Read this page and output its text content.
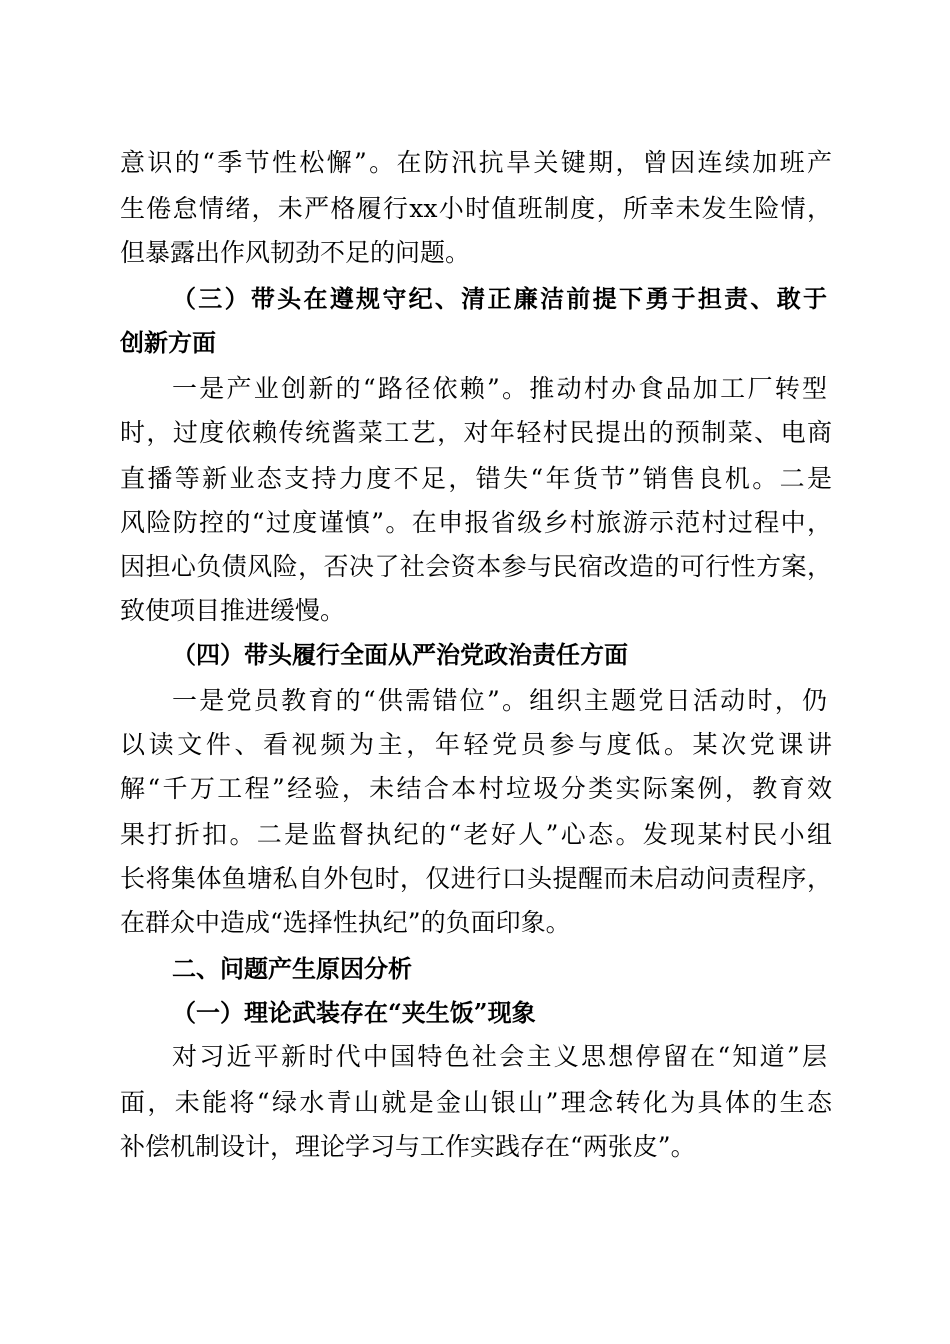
意识的“季节性松懈”。在防汛抗旱关键期，曾因连续加班产
生倦怠情绪，未严格履行xx小时值班制度，所幸未发生险情，
但暴露出作风韧劲不足的问题。
（三）带头在遵规守纪、清正廉洁前提下勇于担责、敢于
创新方面
一是产业创新的“路径依赖”。推动村办食品加工厂转型
时，过度依赖传统酱菜工艺，对年轻村民提出的预制菜、电商
直播等新业态支持力度不足，错失“年货节”销售良机。二是
风险防控的“过度谨慎”。在申报省级乡村旅游示范村过程中，
因担心负债风险，否决了社会资本参与民宿改造的可行性方案，
致使项目推进缓慢。
（四）带头履行全面从严治党政治责任方面
一是党员教育的“供需错位”。组织主题党日活动时，仍
以读文件、看视频为主，年轻党员参与度低。某次党课讲
解“千万工程”经验，未结合本村垃圾分类实际案例，教育效
果打折扣。二是监督执纪的“老好人”心态。发现某村民小组
长将集体鱼塘私自外包时，仅进行口头提醒而未启动问责程序，
在群众中造成“选择性执纪”的负面印象。
二、问题产生原因分析
（一）理论武装存在“夹生饭”现象
对习近平新时代中国特色社会主义思想停留在“知道”层
面，未能将“绿水青山就是金山银山”理念转化为具体的生态
补偿机制设计，理论学习与工作实践存在“两张皮”。
